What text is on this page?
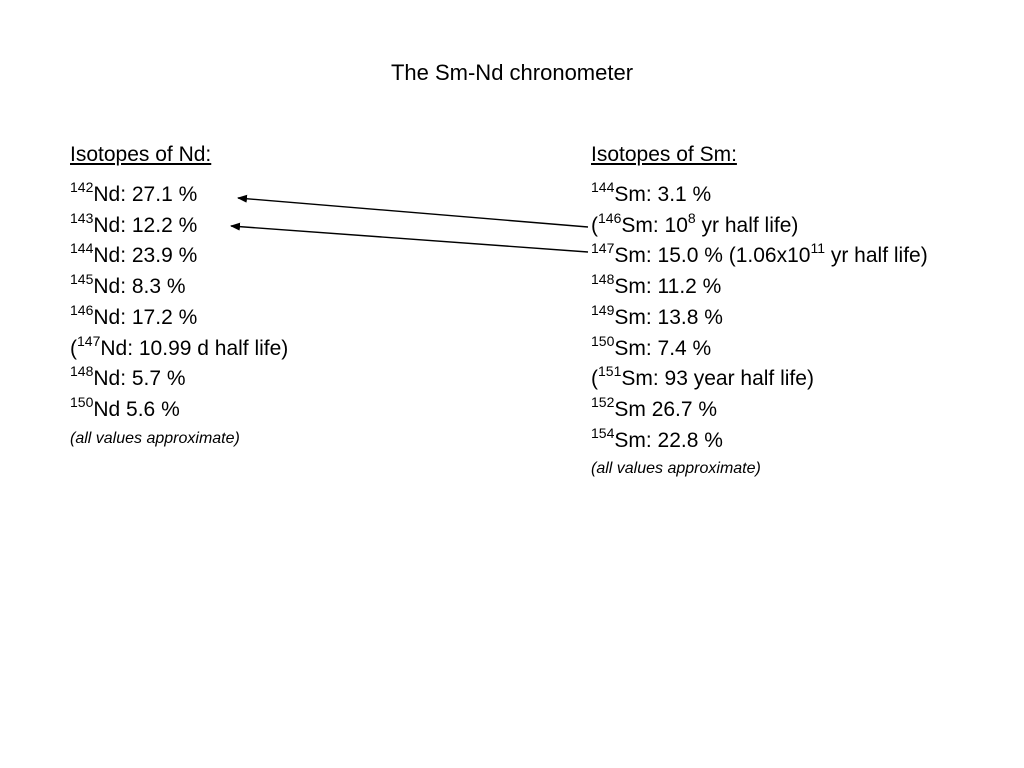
The Sm-Nd chronometer
Isotopes of Nd:
$^{142}$Nd: 27.1 %
$^{143}$Nd: 12.2 %
$^{144}$Nd: 23.9 %
$^{145}$Nd: 8.3 %
$^{146}$Nd: 17.2 %
($^{147}$Nd: 10.99 d half life)
$^{148}$Nd: 5.7 %
$^{150}$Nd 5.6 %
(all values approximate)
Isotopes of Sm:
$^{144}$Sm: 3.1 %
($^{146}$Sm: $10^8$ yr half life)
$^{147}$Sm: 15.0 % ($1.06x10^{11}$ yr half life)
$^{148}$Sm: 11.2 %
$^{149}$Sm: 13.8 %
$^{150}$Sm: 7.4 %
($^{151}$Sm: 93 year half life)
$^{152}$Sm 26.7 %
$^{154}$Sm: 22.8 %
(all values approximate)
